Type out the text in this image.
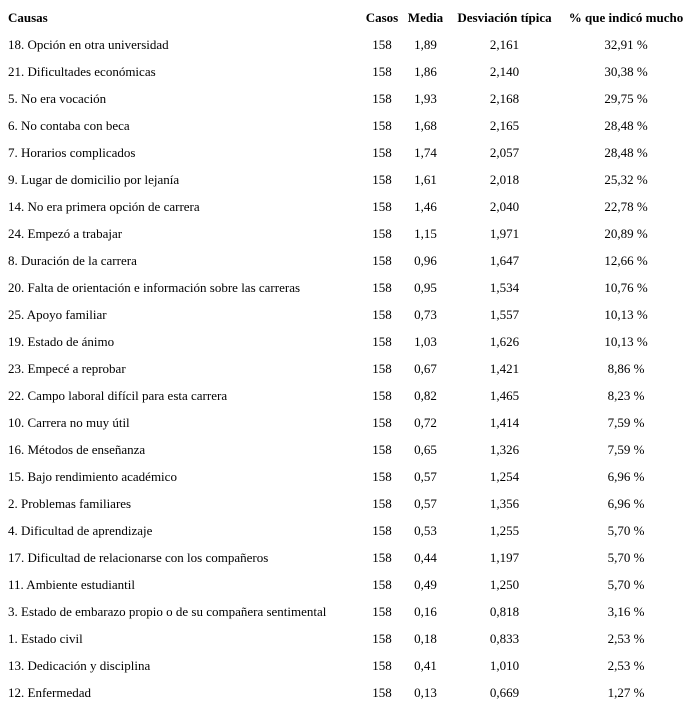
Causas	Casos	Media	Desviación típica	% que indicó mucho
18. Opción en otra universidad	158	1,89	2,161	32,91 %
21. Dificultades económicas	158	1,86	2,140	30,38 %
5. No era vocación	158	1,93	2,168	29,75 %
6. No contaba con beca	158	1,68	2,165	28,48 %
7. Horarios complicados	158	1,74	2,057	28,48 %
9. Lugar de domicilio por lejanía	158	1,61	2,018	25,32 %
14. No era primera opción de carrera	158	1,46	2,040	22,78 %
24. Empezó a trabajar	158	1,15	1,971	20,89 %
8. Duración de la carrera	158	0,96	1,647	12,66 %
20. Falta de orientación e información sobre las carreras	158	0,95	1,534	10,76 %
25. Apoyo familiar	158	0,73	1,557	10,13 %
19. Estado de ánimo	158	1,03	1,626	10,13 %
23. Empecé a reprobar	158	0,67	1,421	8,86 %
22. Campo laboral difícil para esta carrera	158	0,82	1,465	8,23 %
10. Carrera no muy útil	158	0,72	1,414	7,59 %
16. Métodos de enseñanza	158	0,65	1,326	7,59 %
15. Bajo rendimiento académico	158	0,57	1,254	6,96 %
2. Problemas familiares	158	0,57	1,356	6,96 %
4. Dificultad de aprendizaje	158	0,53	1,255	5,70 %
17. Dificultad de relacionarse con los compañeros	158	0,44	1,197	5,70 %
11. Ambiente estudiantil	158	0,49	1,250	5,70 %
3. Estado de embarazo propio o de su compañera sentimental	158	0,16	0,818	3,16 %
1. Estado civil	158	0,18	0,833	2,53 %
13. Dedicación y disciplina	158	0,41	1,010	2,53 %
12. Enfermedad	158	0,13	0,669	1,27 %
